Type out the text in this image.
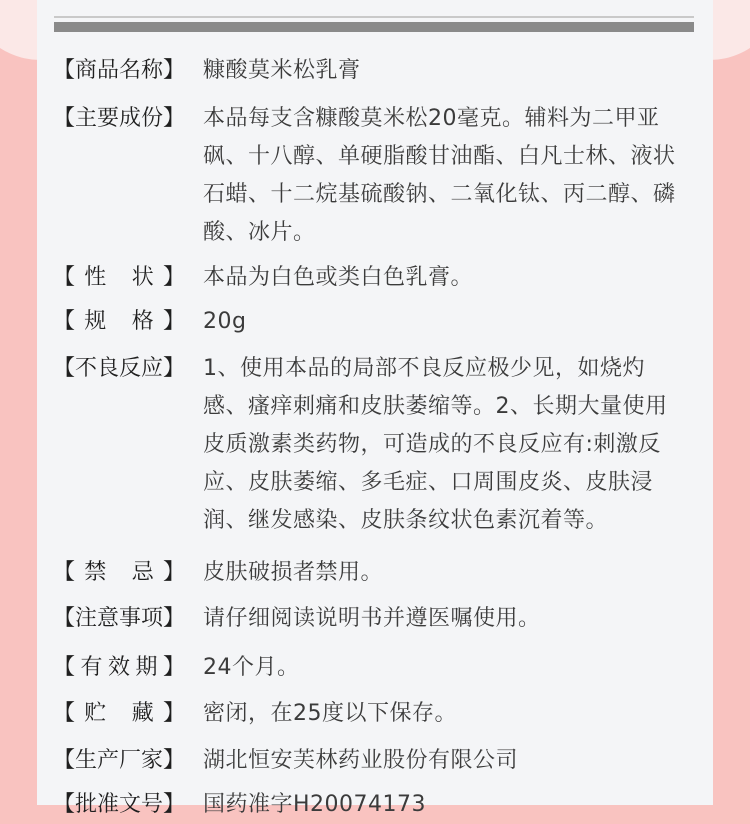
【商品名称】 糠酸莫米松乳膏
【主要成份】 本品每支含糠酸莫米松20毫克。辅料为二甲亚砜、十八醇、单硬脂酸甘油酯、白凡士林、液状石蜡、十二烷基硫酸钠、二氧化钛、丙二醇、磷酸、冰片。
【性 状】 本品为白色或类白色乳膏。
【规 格】 20g
【不良反应】 1、使用本品的局部不良反应极少见，如烧灼感、瘙痒刺痛和皮肤萎缩等。2、长期大量使用皮质激素类药物，可造成的不良反应有:刺激反应、皮肤萎缩、多毛症、口周围皮炎、皮肤浸润、继发感染、皮肤条纹状色素沉着等。
【禁 忌】 皮肤破损者禁用。
【注意事项】 请仔细阅读说明书并遵医嘱使用。
【有效期】 24个月。
【贮 藏】 密闭，在25度以下保存。
【生产厂家】 湖北恒安芙林药业股份有限公司
【批准文号】 国药准字H20074173
